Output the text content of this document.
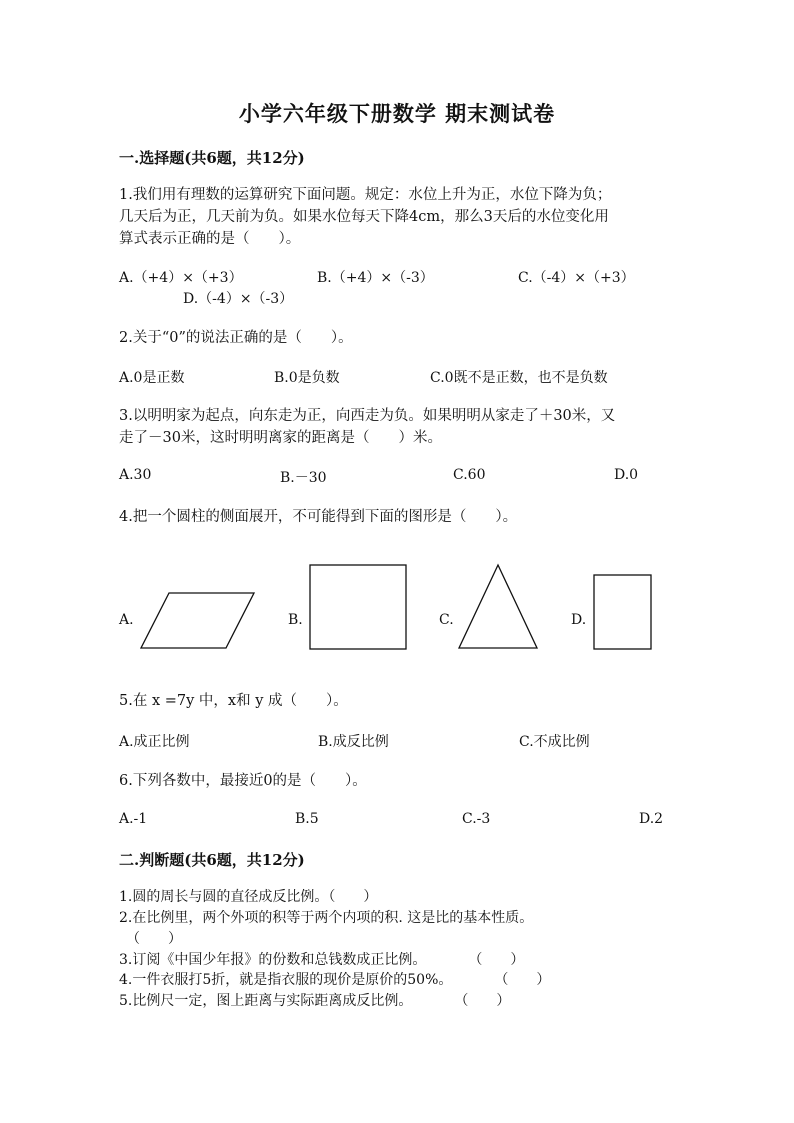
小学六年级下册数学 期末测试卷
一.选择题(共6题，共12分)
1.我们用有理数的运算研究下面问题。规定：水位上升为正，水位下降为负；
几天后为正，几天前为负。如果水位每天下降4cm，那么3天后的水位变化用
算式表示正确的是（　　）。
A.（+4）×（+3）	B.（+4）×（-3）	C.（-4）×（+3）
D.（-4）×（-3）
2.关于“0”的说法正确的是（　　）。
A.0是正数	B.0是负数	C.0既不是正数，也不是负数
3.以明明家为起点，向东走为正，向西走为负。如果明明从家走了＋30米，又
走了－30米，这时明明离家的距离是（　　）米。
A.30	B.－30	C.60	D.0
4.把一个圆柱的侧面展开，不可能得到下面的图形是（　　）。
A.	B.	C.	D.
5.在 x =7y 中，x和 y 成（　　）。
A.成正比例	B.成反比例	C.不成比例
6.下列各数中，最接近0的是（　　）。
A.-1	B.5	C.-3	D.2
二.判断题(共6题，共12分)
1.圆的周长与圆的直径成反比例。（　　）
2.在比例里，两个外项的积等于两个内项的积. 这是比的基本性质。
（　　）
3.订阅《中国少年报》的份数和总钱数成正比例。　　　　（　　）
4.一件衣服打5折，就是指衣服的现价是原价的50%。　　　　（　　）
5.比例尺一定，图上距离与实际距离成反比例。　　　　（　　）
